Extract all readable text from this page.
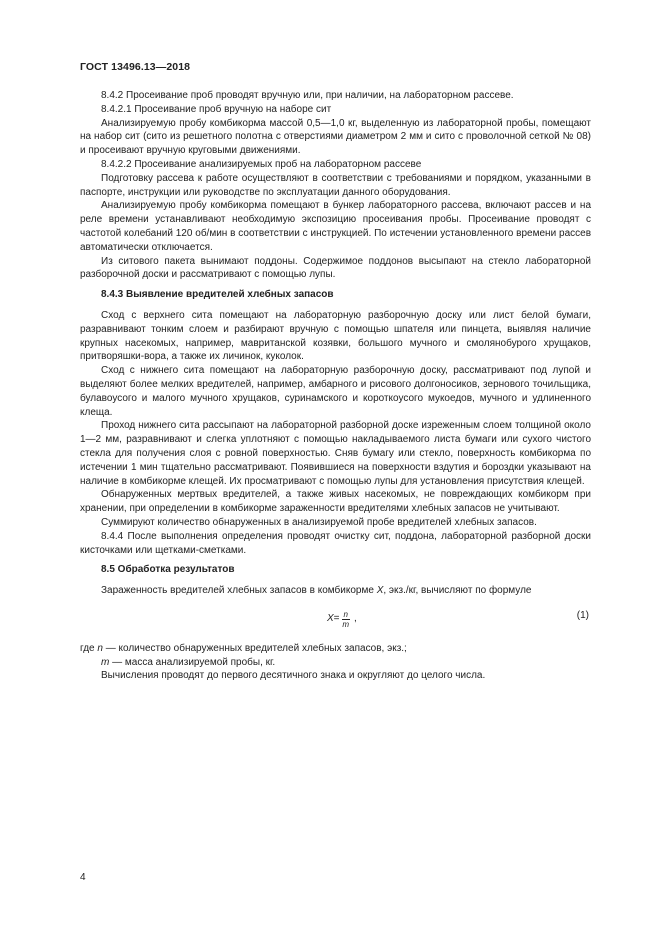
ГОСТ 13496.13—2018

8.4.2 Просеивание проб проводят вручную или, при наличии, на лабораторном рассеве.

8.4.2.1 Просеивание проб вручную на наборе сит

Анализируемую пробу комбикорма массой 0,5—1,0 кг, выделенную из лабораторной пробы, помещают на набор сит (сито из решетного полотна с отверстиями диаметром 2 мм и сито с проволочной сеткой № 08) и просеивают вручную круговыми движениями.

8.4.2.2 Просеивание анализируемых проб на лабораторном рассеве

Подготовку рассева к работе осуществляют в соответствии с требованиями и порядком, указанными в паспорте, инструкции или руководстве по эксплуатации данного оборудования.

Анализируемую пробу комбикорма помещают в бункер лабораторного рассева, включают рассев и на реле времени устанавливают необходимую экспозицию просеивания пробы. Просеивание проводят с частотой колебаний 120 об/мин в соответствии с инструкцией. По истечении установленного времени рассев автоматически отключается.

Из ситового пакета вынимают поддоны. Содержимое поддонов высыпают на стекло лабораторной разборочной доски и рассматривают с помощью лупы.

8.4.3 Выявление вредителей хлебных запасов

Сход с верхнего сита помещают на лабораторную разборочную доску или лист белой бумаги, разравнивают тонким слоем и разбирают вручную с помощью шпателя или пинцета, выявляя наличие крупных насекомых, например, мавританской козявки, большого мучного и смолянобурого хрущаков, притворяшки-вора, а также их личинок, куколок.

Сход с нижнего сита помещают на лабораторную разборочную доску, рассматривают под лупой и выделяют более мелких вредителей, например, амбарного и рисового долгоносиков, зернового точильщика, булавоусого и малого мучного хрущаков, суринамского и короткоусого мукоедов, мучного и удлиненного клеща.

Проход нижнего сита рассыпают на лабораторной разборной доске изреженным слоем толщиной около 1—2 мм, разравнивают и слегка уплотняют с помощью накладываемого листа бумаги или сухого чистого стекла для получения слоя с ровной поверхностью. Сняв бумагу или стекло, поверхность комбикорма по истечении 1 мин тщательно рассматривают. Появившиеся на поверхности вздутия и бороздки указывают на наличие в комбикорме клещей. Их просматривают с помощью лупы для установления присутствия клещей.

Обнаруженных мертвых вредителей, а также живых насекомых, не повреждающих комбикорм при хранении, при определении в комбикорме зараженности вредителями хлебных запасов не учитывают.

Суммируют количество обнаруженных в анализируемой пробе вредителей хлебных запасов.

8.4.4 После выполнения определения проводят очистку сит, поддона, лабораторной разборной доски кисточками или щетками-сметками.

8.5 Обработка результатов

Зараженность вредителей хлебных запасов в комбикорме X, экз./кг, вычисляют по формуле

$X = \frac{n}{m}$ ,	(1)

где n — количество обнаруженных вредителей хлебных запасов, экз.;

m — масса анализируемой пробы, кг.

Вычисления проводят до первого десятичного знака и округляют до целого числа.

4
